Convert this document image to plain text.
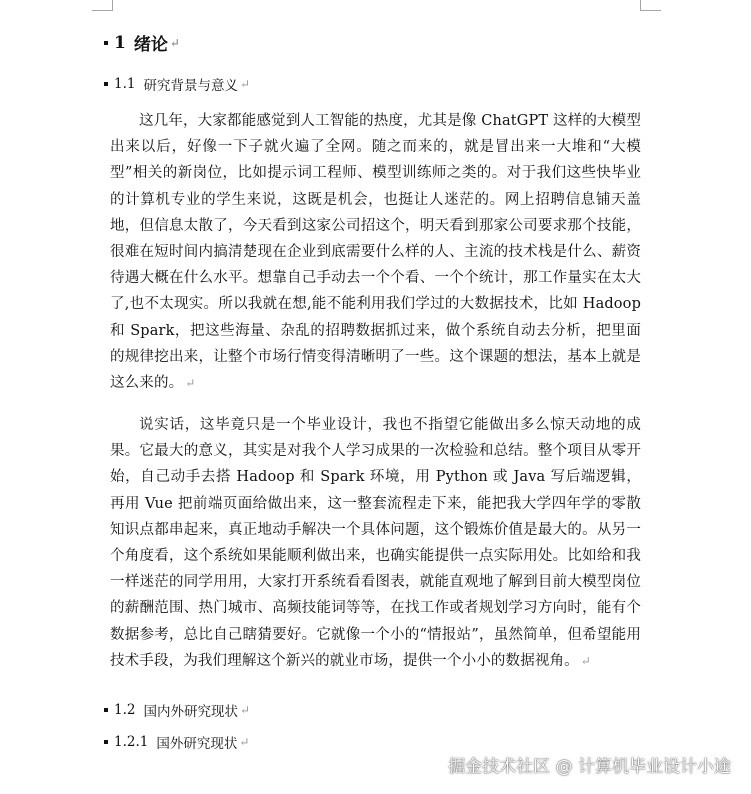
1 绪论 ↵
1.1 研究背景与意义 ↵

这几年，大家都能感觉到人工智能的热度，尤其是像 ChatGPT 这样的大模型出来以后，好像一下子就火遍了全网。随之而来的，就是冒出来一大堆和“大模型”相关的新岗位，比如提示词工程师、模型训练师之类的。对于我们这些快毕业的计算机专业的学生来说，这既是机会，也挺让人迷茫的。网上招聘信息铺天盖地，但信息太散了，今天看到这家公司招这个，明天看到那家公司要求那个技能，很难在短时间内搞清楚现在企业到底需要什么样的人、主流的技术栈是什么、薪资待遇大概在什么水平。想靠自己手动去一个个看、一个个统计，那工作量实在太大了,也不太现实。所以我就在想,能不能利用我们学过的大数据技术，比如 Hadoop 和 Spark，把这些海量、杂乱的招聘数据抓过来，做个系统自动去分析，把里面的规律挖出来，让整个市场行情变得清晰明了一些。这个课题的想法，基本上就是这么来的。 ↵

说实话，这毕竟只是一个毕业设计，我也不指望它能做出多么惊天动地的成果。它最大的意义，其实是对我个人学习成果的一次检验和总结。整个项目从零开始，自己动手去搭 Hadoop 和 Spark 环境，用 Python 或 Java 写后端逻辑，再用 Vue 把前端页面给做出来，这一整套流程走下来，能把我大学四年学的零散知识点都串起来，真正地动手解决一个具体问题，这个锻炼价值是最大的。从另一个角度看，这个系统如果能顺利做出来，也确实能提供一点实际用处。比如给和我一样迷茫的同学用用，大家打开系统看看图表，就能直观地了解到目前大模型岗位的薪酬范围、热门城市、高频技能词等等，在找工作或者规划学习方向时，能有个数据参考，总比自己瞎猜要好。它就像一个小的“情报站”，虽然简单，但希望能用技术手段，为我们理解这个新兴的就业市场，提供一个小小的数据视角。 ↵

1.2 国内外研究现状 ↵
1.2.1 国外研究现状 ↵
掘金技术社区 @ 计算机毕业设计小途
